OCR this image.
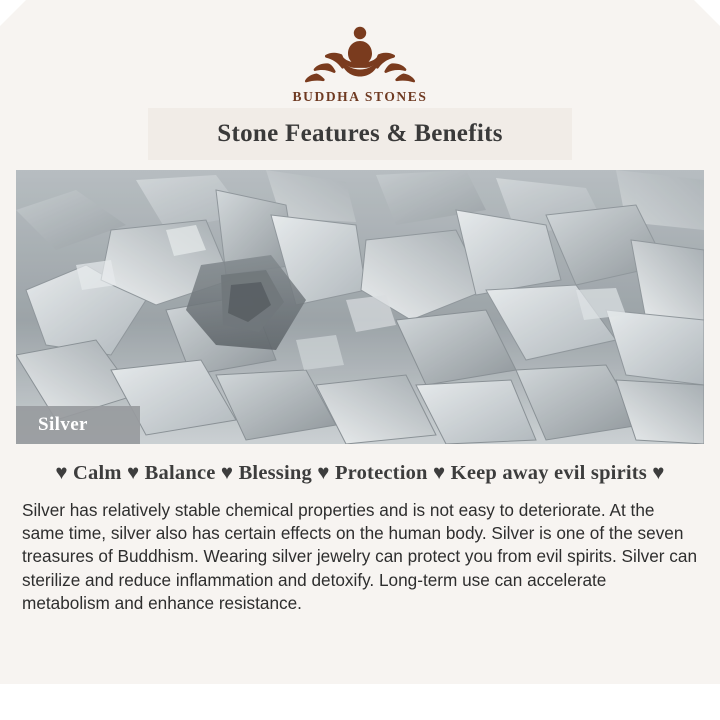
BUDDHA STONES
Stone Features & Benefits
Silver
♥ Calm ♥ Balance ♥ Blessing ♥ Protection ♥ Keep away evil spirits ♥
Silver has relatively stable chemical properties and is not easy to deteriorate. At the same time, silver also has certain effects on the human body. Silver is one of the seven treasures of Buddhism. Wearing silver jewelry can protect you from evil spirits. Silver can sterilize and reduce inflammation and detoxify. Long-term use can accelerate metabolism and enhance resistance.
